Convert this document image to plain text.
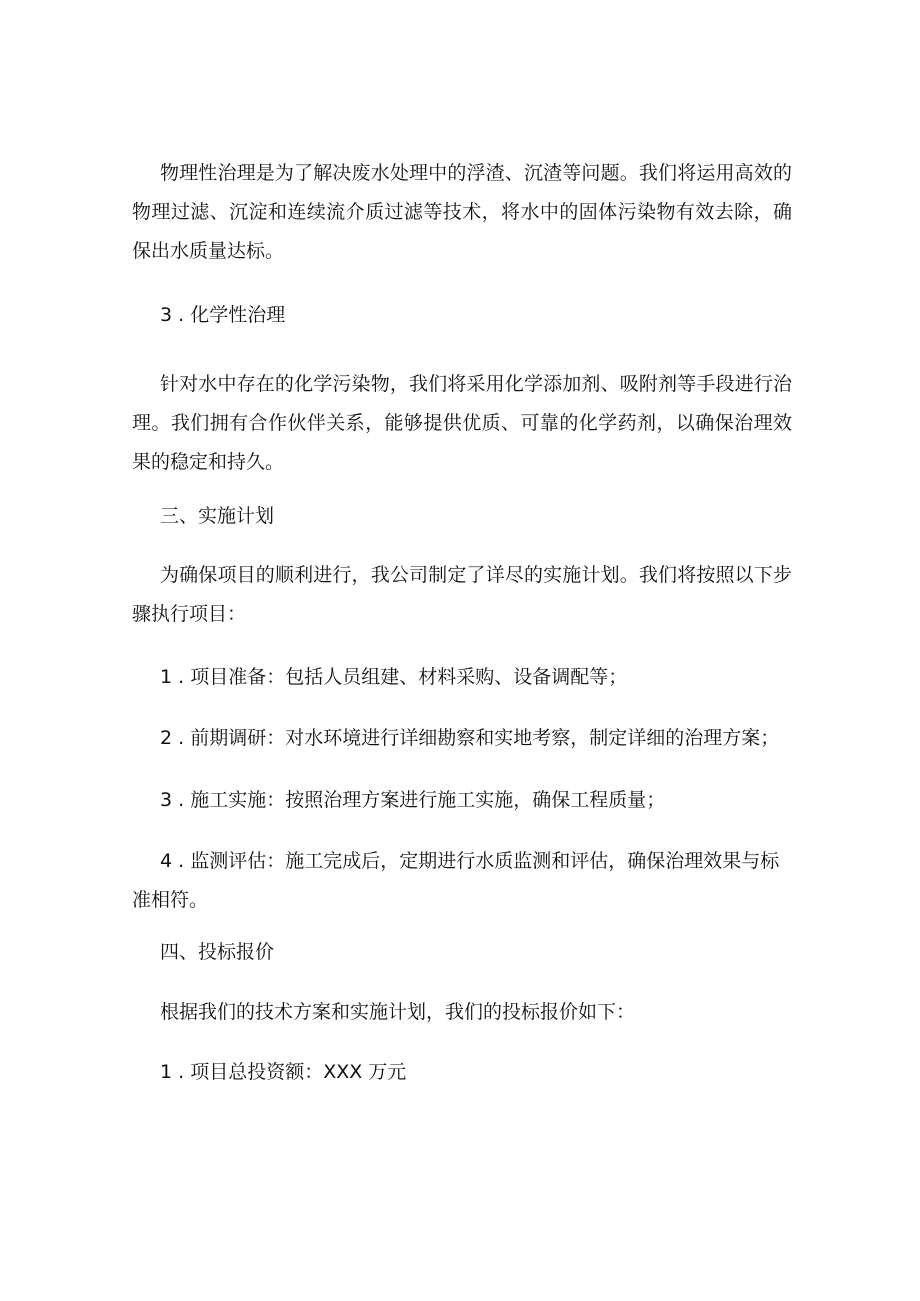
物理性治理是为了解决废水处理中的浮渣、沉渣等问题。我们将运用高效的物理过滤、沉淀和连续流介质过滤等技术，将水中的固体污染物有效去除，确保出水质量达标。

3 . 化学性治理

针对水中存在的化学污染物，我们将采用化学添加剂、吸附剂等手段进行治理。我们拥有合作伙伴关系，能够提供优质、可靠的化学药剂，以确保治理效果的稳定和持久。

三、实施计划

为确保项目的顺利进行，我公司制定了详尽的实施计划。我们将按照以下步骤执行项目：

1 . 项目准备：包括人员组建、材料采购、设备调配等；

2 . 前期调研：对水环境进行详细勘察和实地考察，制定详细的治理方案；

3 . 施工实施：按照治理方案进行施工实施，确保工程质量；

4 . 监测评估：施工完成后，定期进行水质监测和评估，确保治理效果与标准相符。

四、投标报价

根据我们的技术方案和实施计划，我们的投标报价如下：

1 . 项目总投资额：XXX 万元
